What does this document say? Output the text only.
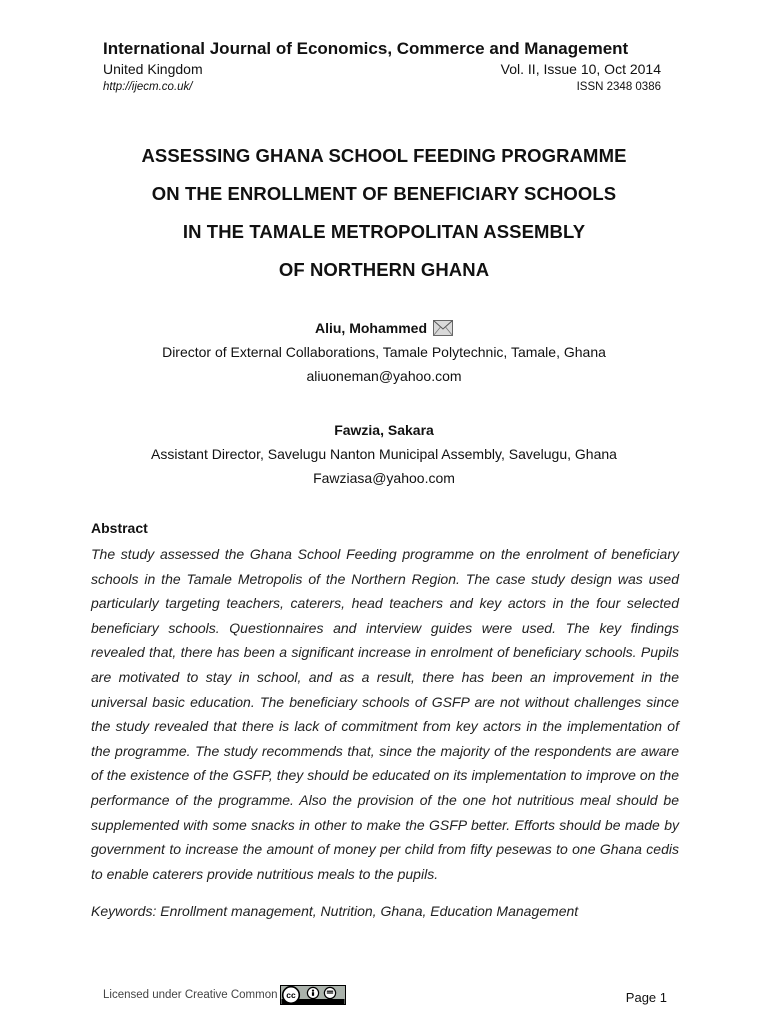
International Journal of Economics, Commerce and Management
United Kingdom	Vol. II, Issue 10, Oct 2014
http://ijecm.co.uk/	ISSN 2348 0386
ASSESSING GHANA SCHOOL FEEDING PROGRAMME
ON THE ENROLLMENT OF BENEFICIARY SCHOOLS
IN THE TAMALE METROPOLITAN ASSEMBLY
OF NORTHERN GHANA
Aliu, Mohammed
Director of External Collaborations, Tamale Polytechnic, Tamale, Ghana
aliuoneman@yahoo.com
Fawzia, Sakara
Assistant Director, Savelugu Nanton Municipal Assembly, Savelugu, Ghana
Fawziasa@yahoo.com
Abstract
The study assessed the Ghana School Feeding programme on the enrolment of beneficiary schools in the Tamale Metropolis of the Northern Region. The case study design was used particularly targeting teachers, caterers, head teachers and key actors in the four selected beneficiary schools. Questionnaires and interview guides were used. The key findings revealed that, there has been a significant increase in enrolment of beneficiary schools. Pupils are motivated to stay in school, and as a result, there has been an improvement in the universal basic education. The beneficiary schools of GSFP are not without challenges since the study revealed that there is lack of commitment from key actors in the implementation of the programme. The study recommends that, since the majority of the respondents are aware of the existence of the GSFP, they should be educated on its implementation to improve on the performance of the programme. Also the provision of the one hot nutritious meal should be supplemented with some snacks in other to make the GSFP better. Efforts should be made by government to increase the amount of money per child from fifty pesewas to one Ghana cedis to enable caterers provide nutritious meals to the pupils.
Keywords: Enrollment management, Nutrition, Ghana, Education Management
Licensed under Creative Common cc	Page 1
